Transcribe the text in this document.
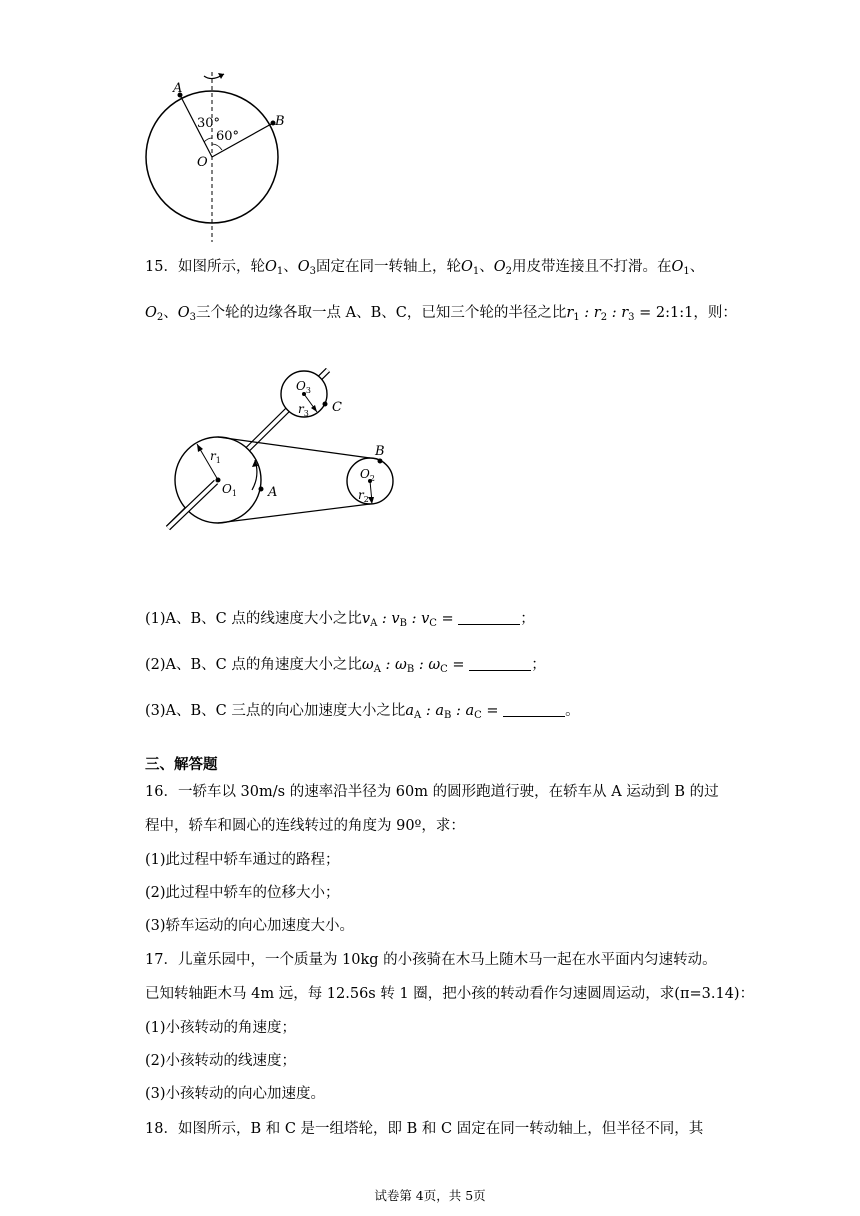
A
B
O
30°
60°
15．如图所示，轮$O_1$、$O_3$固定在同一转轴上，轮$O_1$、$O_2$用皮带连接且不打滑。在$O_1$、
$O_2$、$O_3$三个轮的边缘各取一点 A、B、C，已知三个轮的半径之比$r_1$ : $r_2$ : $r_3$ = 2:1:1，则：
$O_3$
$r_3$ C
$r_1$
$O_1$ A
B
$O_2$
$r_2$
(1)A、B、C 点的线速度大小之比$v_A$ : $v_B$ : $v_C$ =	；
(2)A、B、C 点的角速度大小之比$\omega_A$ : $\omega_B$ : $\omega_C$ =	；
(3)A、B、C 三点的向心加速度大小之比$a_A$ : $a_B$ : $a_C$ =	。
三、解答题
16．一轿车以 30m/s 的速率沿半径为 60m 的圆形跑道行驶，在轿车从 A 运动到 B 的过
程中，轿车和圆心的连线转过的角度为 90º，求：
(1)此过程中轿车通过的路程；
(2)此过程中轿车的位移大小；
(3)轿车运动的向心加速度大小。
17．儿童乐园中，一个质量为 10kg 的小孩骑在木马上随木马一起在水平面内匀速转动。
已知转轴距木马 4m 远，每 12.56s 转 1 圈，把小孩的转动看作匀速圆周运动，求(π=3.14)：
(1)小孩转动的角速度；
(2)小孩转动的线速度；
(3)小孩转动的向心加速度。
18．如图所示，B 和 C 是一组塔轮，即 B 和 C 固定在同一转动轴上，但半径不同，其
试卷第 4页，共 5页
